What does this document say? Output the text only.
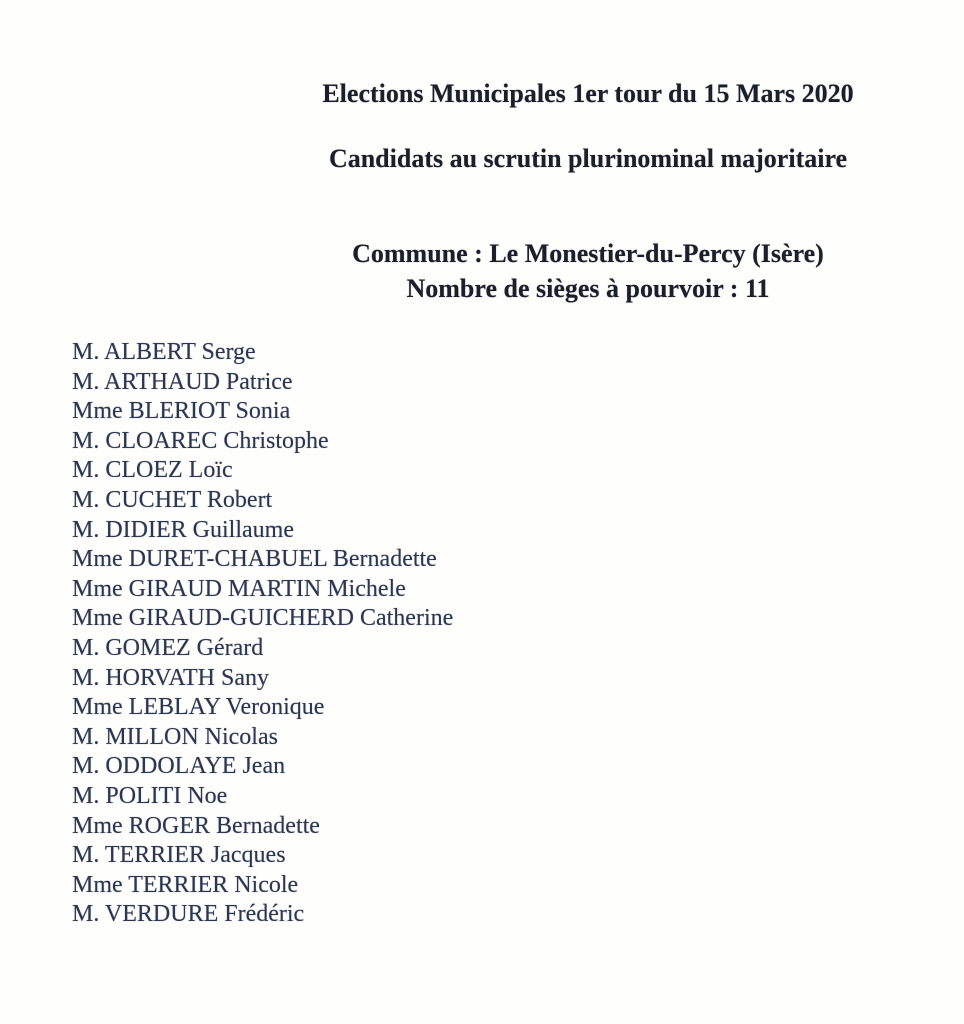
Elections Municipales 1er tour du 15 Mars 2020
Candidats au scrutin plurinominal majoritaire
Commune : Le Monestier-du-Percy (Isère)
Nombre de sièges à pourvoir : 11
M. ALBERT Serge
M. ARTHAUD Patrice
Mme BLERIOT Sonia
M. CLOAREC Christophe
M. CLOEZ Loïc
M. CUCHET Robert
M. DIDIER Guillaume
Mme DURET-CHABUEL Bernadette
Mme GIRAUD MARTIN Michele
Mme GIRAUD-GUICHERD Catherine
M. GOMEZ Gérard
M. HORVATH Sany
Mme LEBLAY Veronique
M. MILLON Nicolas
M. ODDOLAYE Jean
M. POLITI Noe
Mme ROGER Bernadette
M. TERRIER Jacques
Mme TERRIER Nicole
M. VERDURE Frédéric
